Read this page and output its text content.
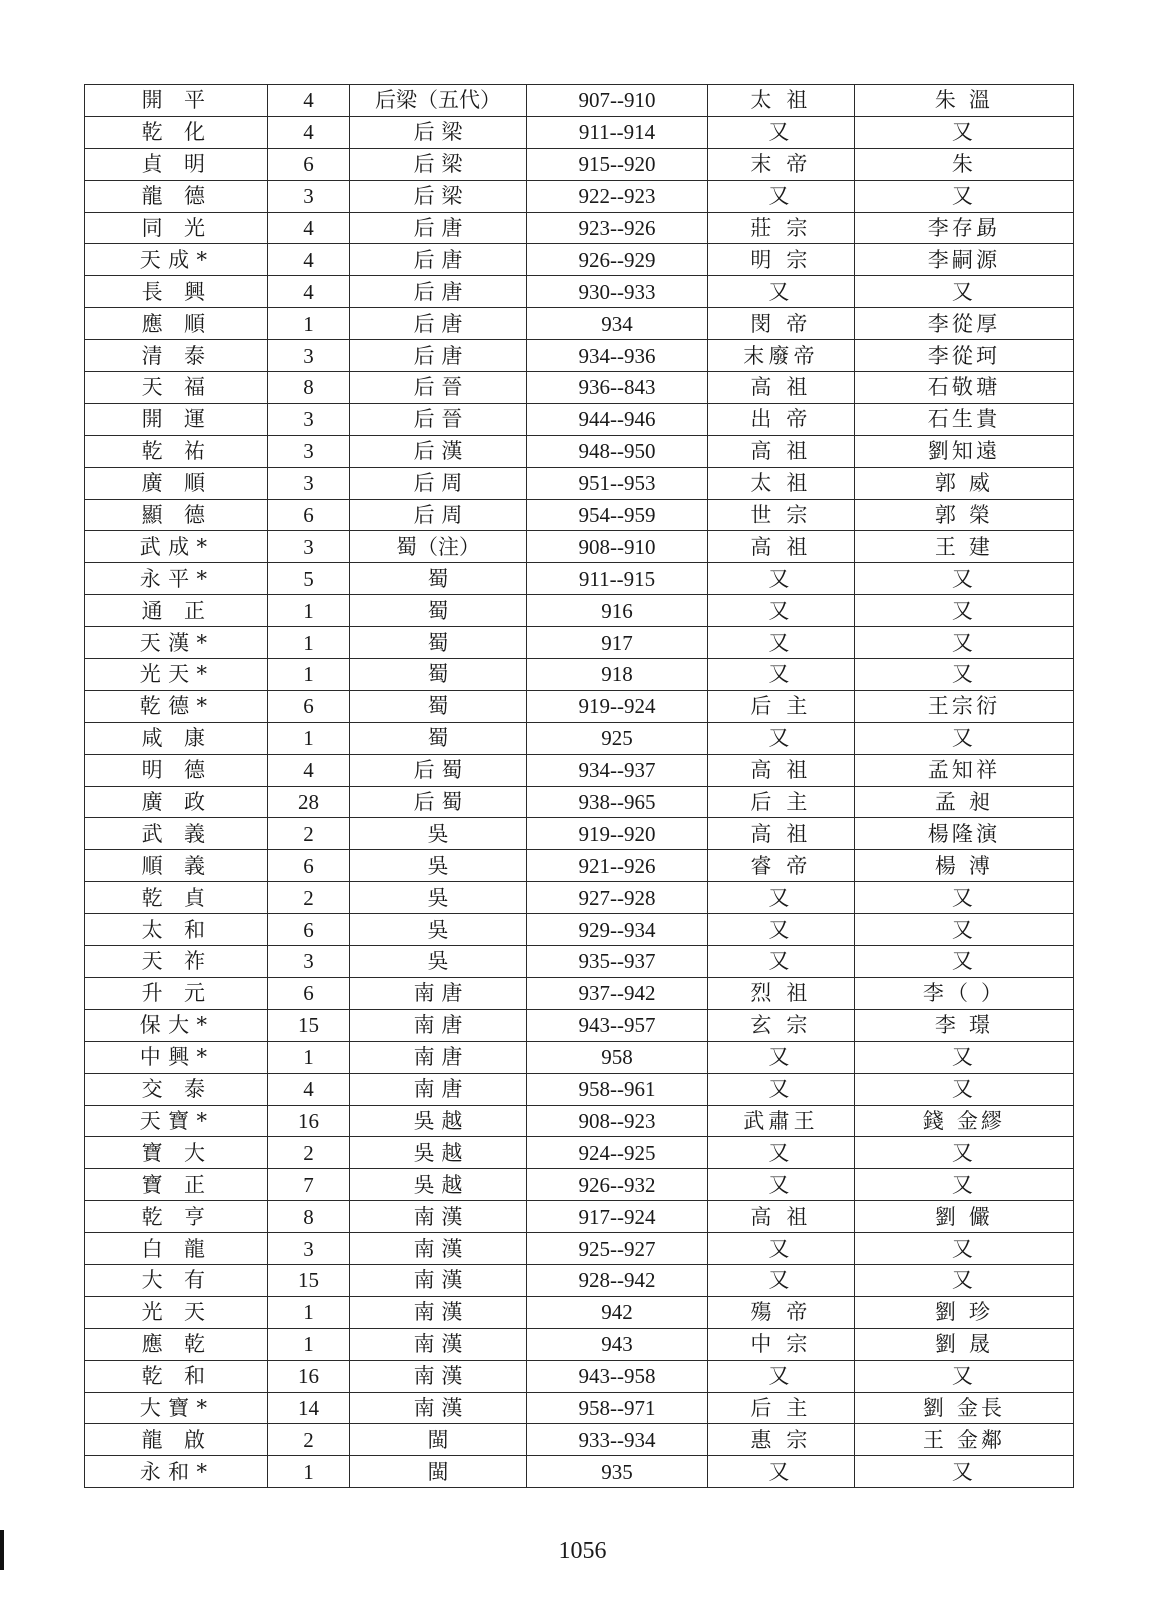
開 平	4	后梁（五代）	907--910	太 祖	朱 溫
乾 化	4	后 梁	911--914	又	又
貞 明	6	后 梁	915--920	末 帝	朱
龍 德	3	后 梁	922--923	又	又
同 光	4	后 唐	923--926	莊 宗	李存勗
天成*	4	后 唐	926--929	明 宗	李嗣源
長 興	4	后 唐	930--933	又	又
應 順	1	后 唐	934	閔 帝	李從厚
清 泰	3	后 唐	934--936	末廢帝	李從珂
天 福	8	后 晉	936--843	高 祖	石敬瑭
開 運	3	后 晉	944--946	出 帝	石生貴
乾 祐	3	后 漢	948--950	高 祖	劉知遠
廣 順	3	后 周	951--953	太 祖	郭 威
顯 德	6	后 周	954--959	世 宗	郭 榮
武成*	3	蜀（注）	908--910	高 祖	王 建
永平*	5	蜀	911--915	又	又
通 正	1	蜀	916	又	又
天漢*	1	蜀	917	又	又
光天*	1	蜀	918	又	又
乾德*	6	蜀	919--924	后 主	王宗衍
咸 康	1	蜀	925	又	又
明 德	4	后 蜀	934--937	高 祖	孟知祥
廣 政	28	后 蜀	938--965	后 主	孟 昶
武 義	2	吳	919--920	高 祖	楊隆演
順 義	6	吳	921--926	睿 帝	楊 溥
乾 貞	2	吳	927--928	又	又
太 和	6	吳	929--934	又	又
天 祚	3	吳	935--937	又	又
升 元	6	南 唐	937--942	烈 祖	李（ ）
保大*	15	南 唐	943--957	玄 宗	李 璟
中興*	1	南 唐	958	又	又
交 泰	4	南 唐	958--961	又	又
天寶*	16	吳 越	908--923	武肅王	錢 金繆
寶 大	2	吳 越	924--925	又	又
寶 正	7	吳 越	926--932	又	又
乾 亨	8	南 漢	917--924	高 祖	劉 儼
白 龍	3	南 漢	925--927	又	又
大 有	15	南 漢	928--942	又	又
光 天	1	南 漢	942	殤 帝	劉 珍
應 乾	1	南 漢	943	中 宗	劉 晟
乾 和	16	南 漢	943--958	又	又
大寶*	14	南 漢	958--971	后 主	劉 金長
龍 啟	2	閩	933--934	惠 宗	王 金鄰
永和*	1	閩	935	又	又
1056
